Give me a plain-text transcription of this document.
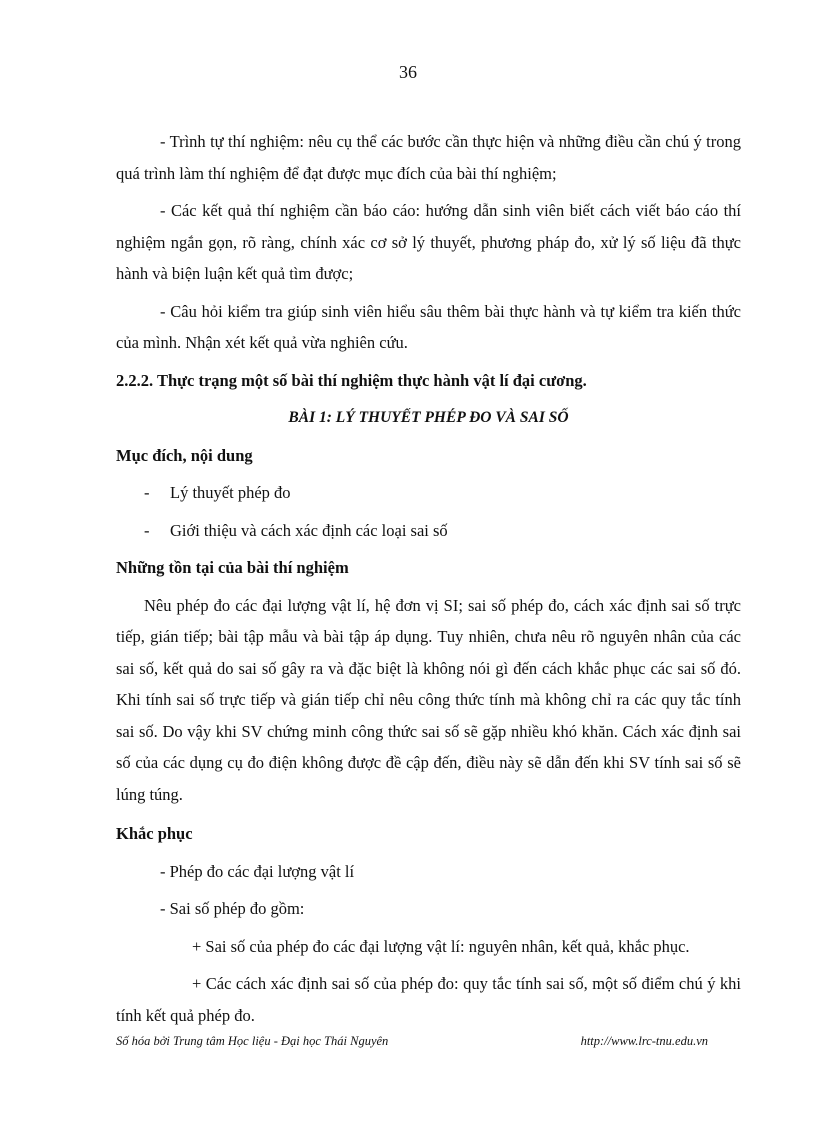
36

- Trình tự thí nghiệm: nêu cụ thể các bước cần thực hiện và những điều cần chú ý trong quá trình làm thí nghiệm để đạt được mục đích của bài thí nghiệm;

- Các kết quả thí nghiệm cần báo cáo: hướng dẫn sinh viên biết cách viết báo cáo thí nghiệm ngắn gọn, rõ ràng, chính xác cơ sở lý thuyết, phương pháp đo, xử lý số liệu đã thực hành và biện luận kết quả tìm được;

- Câu hỏi kiểm tra giúp sinh viên hiểu sâu thêm bài thực hành và tự kiểm tra kiến thức của mình. Nhận xét kết quả vừa nghiên cứu.

2.2.2. Thực trạng một số bài thí nghiệm thực hành vật lí đại cương.

BÀI 1: LÝ THUYẾT PHÉP ĐO VÀ SAI SỐ

Mục đích, nội dung

-	Lý thuyết phép đo
-	Giới thiệu và cách xác định các loại sai số

Những tồn tại của bài thí nghiệm

Nêu phép đo các đại lượng vật lí, hệ đơn vị SI; sai số phép đo, cách xác định sai số trực tiếp, gián tiếp; bài tập mẫu và bài tập áp dụng. Tuy nhiên, chưa nêu rõ nguyên nhân của các sai số, kết quả do sai số gây ra và đặc biệt là không nói gì đến cách khắc phục các sai số đó. Khi tính sai số trực tiếp và gián tiếp chỉ nêu công thức tính mà không chỉ ra các quy tắc tính sai số. Do vậy khi SV chứng minh công thức sai số sẽ gặp nhiều khó khăn. Cách xác định sai số của các dụng cụ đo điện không được đề cập đến, điều này sẽ dẫn đến khi SV tính sai số sẽ lúng túng.

Khắc phục

- Phép đo các đại lượng vật lí

- Sai số phép đo gồm:

+ Sai số của phép đo các đại lượng vật lí: nguyên nhân, kết quả, khắc phục.

+ Các cách xác định sai số của phép đo: quy tắc tính sai số, một số điểm chú ý khi tính kết quả phép đo.

Số hóa bởi Trung tâm Học liệu - Đại học Thái Nguyên	http://www.lrc-tnu.edu.vn
